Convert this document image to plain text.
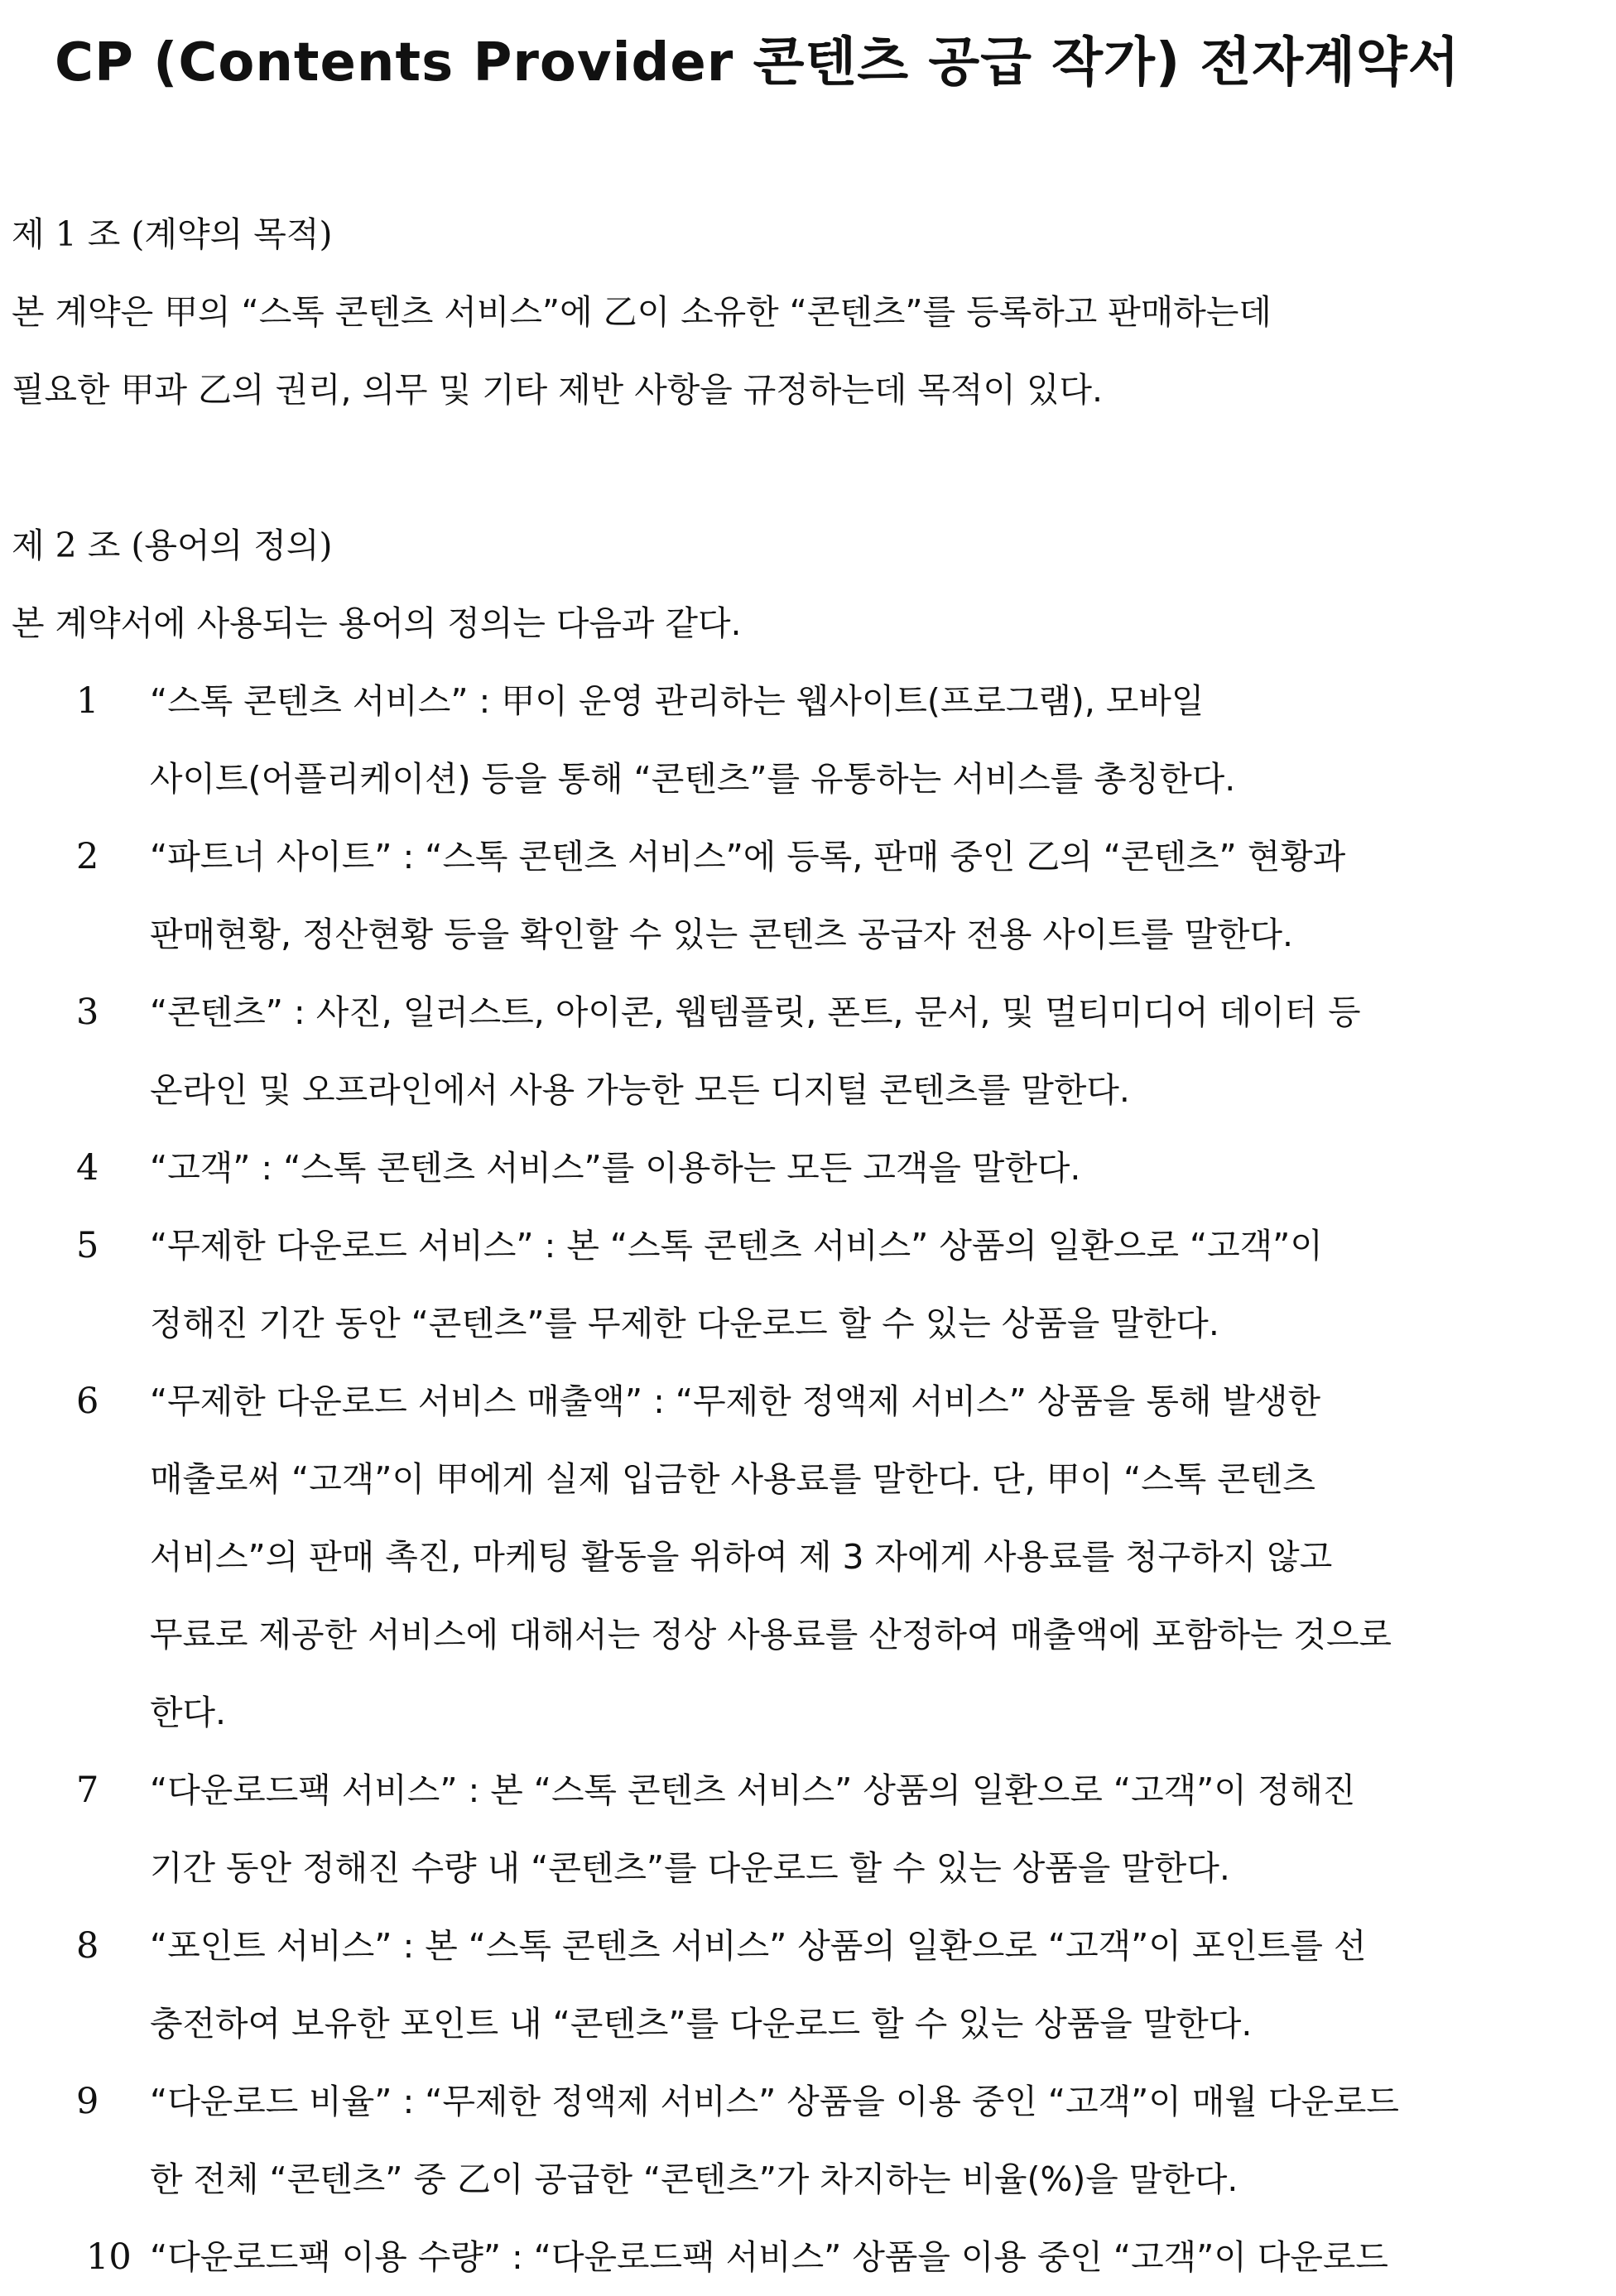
CP (Contents Provider 콘텐츠 공급 작가) 전자계약서
제 1 조 (계약의 목적)
본 계약은 甲의 “스톡 콘텐츠 서비스”에 乙이 소유한 “콘텐츠”를 등록하고 판매하는데
필요한 甲과 乙의 권리, 의무 및 기타 제반 사항을 규정하는데 목적이 있다.
제 2 조 (용어의 정의)
본 계약서에 사용되는 용어의 정의는 다음과 같다.
1 “스톡 콘텐츠 서비스” : 甲이 운영 관리하는 웹사이트(프로그램), 모바일
사이트(어플리케이션) 등을 통해 “콘텐츠”를 유통하는 서비스를 총칭한다.
2 “파트너 사이트” : “스톡 콘텐츠 서비스”에 등록, 판매 중인 乙의 “콘텐츠” 현황과
판매현황, 정산현황 등을 확인할 수 있는 콘텐츠 공급자 전용 사이트를 말한다.
3 “콘텐츠” : 사진, 일러스트, 아이콘, 웹템플릿, 폰트, 문서, 및 멀티미디어 데이터 등
온라인 및 오프라인에서 사용 가능한 모든 디지털 콘텐츠를 말한다.
4 “고객” : “스톡 콘텐츠 서비스”를 이용하는 모든 고객을 말한다.
5 “무제한 다운로드 서비스” : 본 “스톡 콘텐츠 서비스” 상품의 일환으로 “고객”이
정해진 기간 동안 “콘텐츠”를 무제한 다운로드 할 수 있는 상품을 말한다.
6 “무제한 다운로드 서비스 매출액” : “무제한 정액제 서비스” 상품을 통해 발생한
매출로써 “고객”이 甲에게 실제 입금한 사용료를 말한다. 단, 甲이 “스톡 콘텐츠
서비스”의 판매 촉진, 마케팅 활동을 위하여 제 3 자에게 사용료를 청구하지 않고
무료로 제공한 서비스에 대해서는 정상 사용료를 산정하여 매출액에 포함하는 것으로
한다.
7 “다운로드팩 서비스” : 본 “스톡 콘텐츠 서비스” 상품의 일환으로 “고객”이 정해진
기간 동안 정해진 수량 내 “콘텐츠”를 다운로드 할 수 있는 상품을 말한다.
8 “포인트 서비스” : 본 “스톡 콘텐츠 서비스” 상품의 일환으로 “고객”이 포인트를 선
충전하여 보유한 포인트 내 “콘텐츠”를 다운로드 할 수 있는 상품을 말한다.
9 “다운로드 비율” : “무제한 정액제 서비스” 상품을 이용 중인 “고객”이 매월 다운로드
한 전체 “콘텐츠” 중 乙이 공급한 “콘텐츠”가 차지하는 비율(%)을 말한다.
10 “다운로드팩 이용 수량” : “다운로드팩 서비스” 상품을 이용 중인 “고객”이 다운로드
